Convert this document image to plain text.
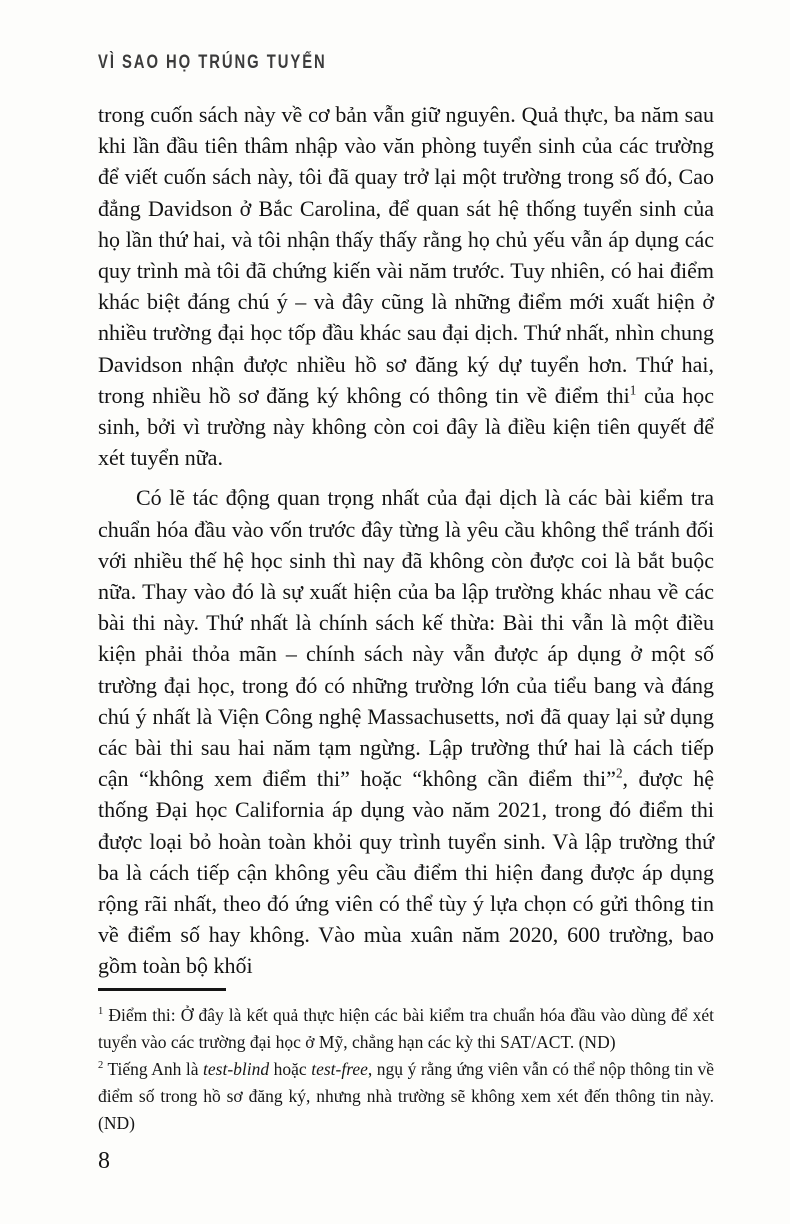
VÌ SAO HỌ TRÚNG TUYỂN

trong cuốn sách này về cơ bản vẫn giữ nguyên. Quả thực, ba năm sau khi lần đầu tiên thâm nhập vào văn phòng tuyển sinh của các trường để viết cuốn sách này, tôi đã quay trở lại một trường trong số đó, Cao đẳng Davidson ở Bắc Carolina, để quan sát hệ thống tuyển sinh của họ lần thứ hai, và tôi nhận thấy thấy rằng họ chủ yếu vẫn áp dụng các quy trình mà tôi đã chứng kiến vài năm trước. Tuy nhiên, có hai điểm khác biệt đáng chú ý – và đây cũng là những điểm mới xuất hiện ở nhiều trường đại học tốp đầu khác sau đại dịch. Thứ nhất, nhìn chung Davidson nhận được nhiều hồ sơ đăng ký dự tuyển hơn. Thứ hai, trong nhiều hồ sơ đăng ký không có thông tin về điểm thi$^1$ của học sinh, bởi vì trường này không còn coi đây là điều kiện tiên quyết để xét tuyển nữa.

Có lẽ tác động quan trọng nhất của đại dịch là các bài kiểm tra chuẩn hóa đầu vào vốn trước đây từng là yêu cầu không thể tránh đối với nhiều thế hệ học sinh thì nay đã không còn được coi là bắt buộc nữa. Thay vào đó là sự xuất hiện của ba lập trường khác nhau về các bài thi này. Thứ nhất là chính sách kế thừa: Bài thi vẫn là một điều kiện phải thỏa mãn – chính sách này vẫn được áp dụng ở một số trường đại học, trong đó có những trường lớn của tiểu bang và đáng chú ý nhất là Viện Công nghệ Massachusetts, nơi đã quay lại sử dụng các bài thi sau hai năm tạm ngừng. Lập trường thứ hai là cách tiếp cận “không xem điểm thi” hoặc “không cần điểm thi”$^2$, được hệ thống Đại học California áp dụng vào năm 2021, trong đó điểm thi được loại bỏ hoàn toàn khỏi quy trình tuyển sinh. Và lập trường thứ ba là cách tiếp cận không yêu cầu điểm thi hiện đang được áp dụng rộng rãi nhất, theo đó ứng viên có thể tùy ý lựa chọn có gửi thông tin về điểm số hay không. Vào mùa xuân năm 2020, 600 trường, bao gồm toàn bộ khối

$^1$ Điểm thi: Ở đây là kết quả thực hiện các bài kiểm tra chuẩn hóa đầu vào dùng để xét tuyển vào các trường đại học ở Mỹ, chẳng hạn các kỳ thi SAT/ACT. (ND)

$^2$ Tiếng Anh là test-blind hoặc test-free, ngụ ý rằng ứng viên vẫn có thể nộp thông tin về điểm số trong hồ sơ đăng ký, nhưng nhà trường sẽ không xem xét đến thông tin này. (ND)

8
